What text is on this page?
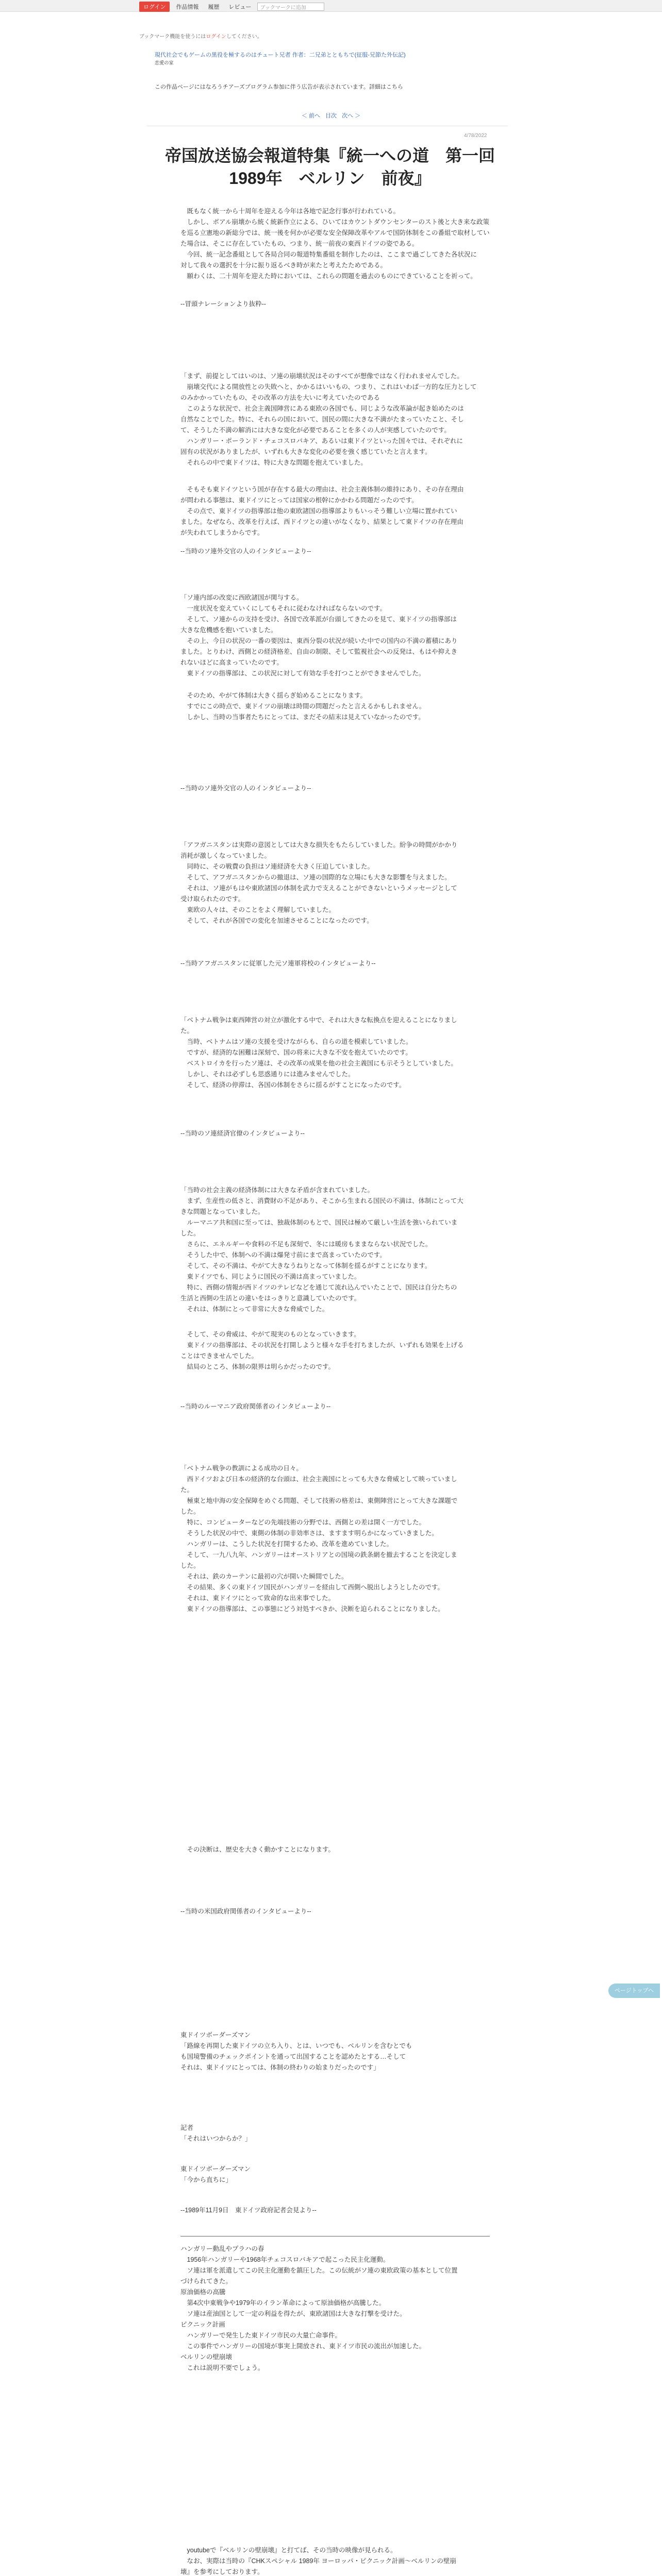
ログイン	作品情報	履歴	レビュー	ブックマークに追加
ブックマーク機能を使うにはログインしてください。
現代社会でもゲームの黒役を極するのはチュート兄者 作者：二兄弟とともちで(征服-兄節た外伝記)
恋愛の家
この作品ページにはなろうチアーズプログラム参加に伴う広告が表示されています。詳細はこちら
＜ 前へ 目次 次へ ＞
4/78/2022
帝国放送協会報道特集『統一への道　第一回　1989年　ベルリン　前夜』
　既もなく統一から十周年を迎える今年は各地で記念行事が行われている。
　しかし、ボアル崩壊から統く統新作立による、ひいてはカウントダウンセンターのスト後と大き来な政策
を巡る立憲地の新総分では、統一後を何かが必要な安全保障改革やアルで国防体制をこの番組で取材してい
た場合は、そこに存在していたもの、つまり、統一前夜の東西ドイツの姿である。
　今回、統一記念番組として各局合同の報道特集番組を制作したのは、ここまで過ごしてきた各状況に
対して我々の選択を十分に振り返るべき時が来たと考えたためである。
　願わくは、二十周年を迎えた時においては、これらの問題を過去のものにできていることを祈って。
--冒頭ナレーションより抜粋--
「まず、前提としてはいのは、ソ連の崩壊状況はそのすべてが想像ではなく行われませんでした。
　崩壊交代による開放性との失敗へと、かかるはいいもの、つまり、これはいわば一方的な圧力として
のみかかっていたもの、その改革の方法を大いに考えていたのである
　このような状況で、社会主義国陣営にある東欧の各国でも、同じような改革論が起き始めたのは
自然なことでした。特に、それらの国において、国民の間に大きな不満がたまっていたこと、そし
て、そうした不満の解消には大きな変化が必要であることを多くの人が実感していたのです。
　ハンガリー・ポーランド・チェコスロバキア、あるいは東ドイツといった国々では、それぞれに
固有の状況がありましたが、いずれも大きな変化の必要を強く感じていたと言えます。
　それらの中で東ドイツは、特に大きな問題を抱えていました。
　そもそも東ドイツという国が存在する最大の理由は、社会主義体制の維持にあり、その存在理由
が問われる事態は、東ドイツにとっては国家の根幹にかかわる問題だったのです。
　その点で、東ドイツの指導部は他の東欧諸国の指導部よりもいっそう難しい立場に置かれてい
ました。なぜなら、改革を行えば、西ドイツとの違いがなくなり、結果として東ドイツの存在理由
が失われてしまうからです。
--当時のソ連外交官の人のインタビューより--
「ソ連内部の改変に西欧諸国が関与する。
　一度状況を変えていくにしてもそれに従わなければならないのです。
　そして、ソ連からの支持を受け、各国で改革派が台頭してきたのを見て、東ドイツの指導部は
大きな危機感を抱いていました。
　その上、今日の状況の一番の要因は、東西分裂の状況が続いた中での国内の不満の蓄積にあり
ました。とりわけ、西側との経済格差、自由の制限、そして監視社会への反発は、もはや抑えき
れないほどに高まっていたのです。
　東ドイツの指導部は、この状況に対して有効な手を打つことができませんでした。
　そのため、やがて体制は大きく揺らぎ始めることになります。
　すでにこの時点で、東ドイツの崩壊は時間の問題だったと言えるかもしれません。
　しかし、当時の当事者たちにとっては、まだその結末は見えていなかったのです。
--当時のソ連外交官の人のインタビューより--
「アフガニスタンは実際の意図としては大きな損失をもたらしていました。紛争の時間がかかり
消耗が激しくなっていました。
　同時に、その戦費の負担はソ連経済を大きく圧迫していました。
　そして、アフガニスタンからの撤退は、ソ連の国際的な立場にも大きな影響を与えました。
　それは、ソ連がもはや東欧諸国の体制を武力で支えることができないというメッセージとして
受け取られたのです。
　東欧の人々は、そのことをよく理解していました。
　そして、それが各国での変化を加速させることになったのです。
--当時アフガニスタンに従軍した元ソ連軍将校のインタビューより--
「ベトナム戦争は東西陣営の対立が激化する中で、それは大きな転換点を迎えることになりまし
た。
　当時、ベトナムはソ連の支援を受けながらも、自らの道を模索していました。
　ですが、経済的な困難は深刻で、国の将来に大きな不安を抱えていたのです。
　ベストロイカを行ったソ連は、その改革の成果を他の社会主義国にも示そうとしていました。
　しかし、それは必ずしも思惑通りには進みませんでした。
　そして、経済の停滞は、各国の体制をさらに揺るがすことになったのです。
--当時のソ連経済官僚のインタビューより--
「当時の社会主義の経済体制には大きな矛盾が含まれていました。
　まず、生産性の低さと、消費財の不足があり、そこから生まれる国民の不満は、体制にとって大
きな問題となっていました。
　ルーマニア共和国に至っては、独裁体制のもとで、国民は極めて厳しい生活を強いられていま
した。
　さらに、エネルギーや食料の不足も深刻で、冬には暖房もままならない状況でした。
　そうした中で、体制への不満は爆発寸前にまで高まっていたのです。
　そして、その不満は、やがて大きなうねりとなって体制を揺るがすことになります。
　東ドイツでも、同じように国民の不満は高まっていました。
　特に、西側の情報が西ドイツのテレビなどを通じて流れ込んでいたことで、国民は自分たちの
生活と西側の生活との違いをはっきりと意識していたのです。
　それは、体制にとって非常に大きな脅威でした。
　そして、その脅威は、やがて現実のものとなっていきます。
　東ドイツの指導部は、その状況を打開しようと様々な手を打ちましたが、いずれも効果を上げる
ことはできませんでした。
　結局のところ、体制の限界は明らかだったのです。
--当時のルーマニア政府関係者のインタビューより--
「ベトナム戦争の教訓による成功の日々。
　西ドイツおよび日本の経済的な台頭は、社会主義国にとっても大きな脅威として映っていまし
た。
　極東と地中海の安全保障をめぐる問題、そして技術の格差は、東側陣営にとって大きな課題で
した。
　特に、コンピューターなどの先端技術の分野では、西側との差は開く一方でした。
　そうした状況の中で、東側の体制の非効率さは、ますます明らかになっていきました。
　ハンガリーは、こうした状況を打開するため、改革を進めていました。
　そして、一九八九年、ハンガリーはオーストリアとの国境の鉄条網を撤去することを決定しま
した。
　それは、鉄のカーテンに最初の穴が開いた瞬間でした。
　その結果、多くの東ドイツ国民がハンガリーを経由して西側へ脱出しようとしたのです。
　それは、東ドイツにとって致命的な出来事でした。
　東ドイツの指導部は、この事態にどう対処すべきか、決断を迫られることになりました。
　その決断は、歴史を大きく動かすことになります。
--当時の米国政府関係者のインタビューより--
東ドイツボーダーズマン
「路線を再開した東ドイツの立ち入り、とは、いつでも、ベルリンを含むとでも
も国境警備のチェックポイントを通って出国することを認めたとする…そして
それは、東ドイツにとっては、体制の終わりの始まりだったのです」
記者
「それはいつからか？」
東ドイツボーダーズマン
「今から直ちに」
--1989年11月9日　東ドイツ政府記者会見より--
ハンガリー動乱やプラハの春
　1956年ハンガリーや1968年チェコスロバキアで起こった民主化運動。
　ソ連は軍を派遣してこの民主化運動を鎮圧した。この伝統がソ連の東欧政策の基本として位置
づけられてきた。
原油価格の高騰
　第4次中東戦争や1979年のイラン革命によって原油価格が高騰した。
　ソ連は産油国として一定の利益を得たが、東欧諸国は大きな打撃を受けた。
ピクニック計画
　ハンガリーで発生した東ドイツ市民の大量亡命事件。
　この事件でハンガリーの国境が事実上開放され、東ドイツ市民の流出が加速した。
ベルリンの壁崩壊
　これは説明不要でしょう。
　youtubeで『ベルリンの壁崩壊』と打てば、その当時の映像が見られる。
　なお、実際は当時の『CHKスペシャル 1989年 ヨーロッパ・ピクニック計画〜ベルリンの壁崩
壊』を参考にしております。
ページトップへ
